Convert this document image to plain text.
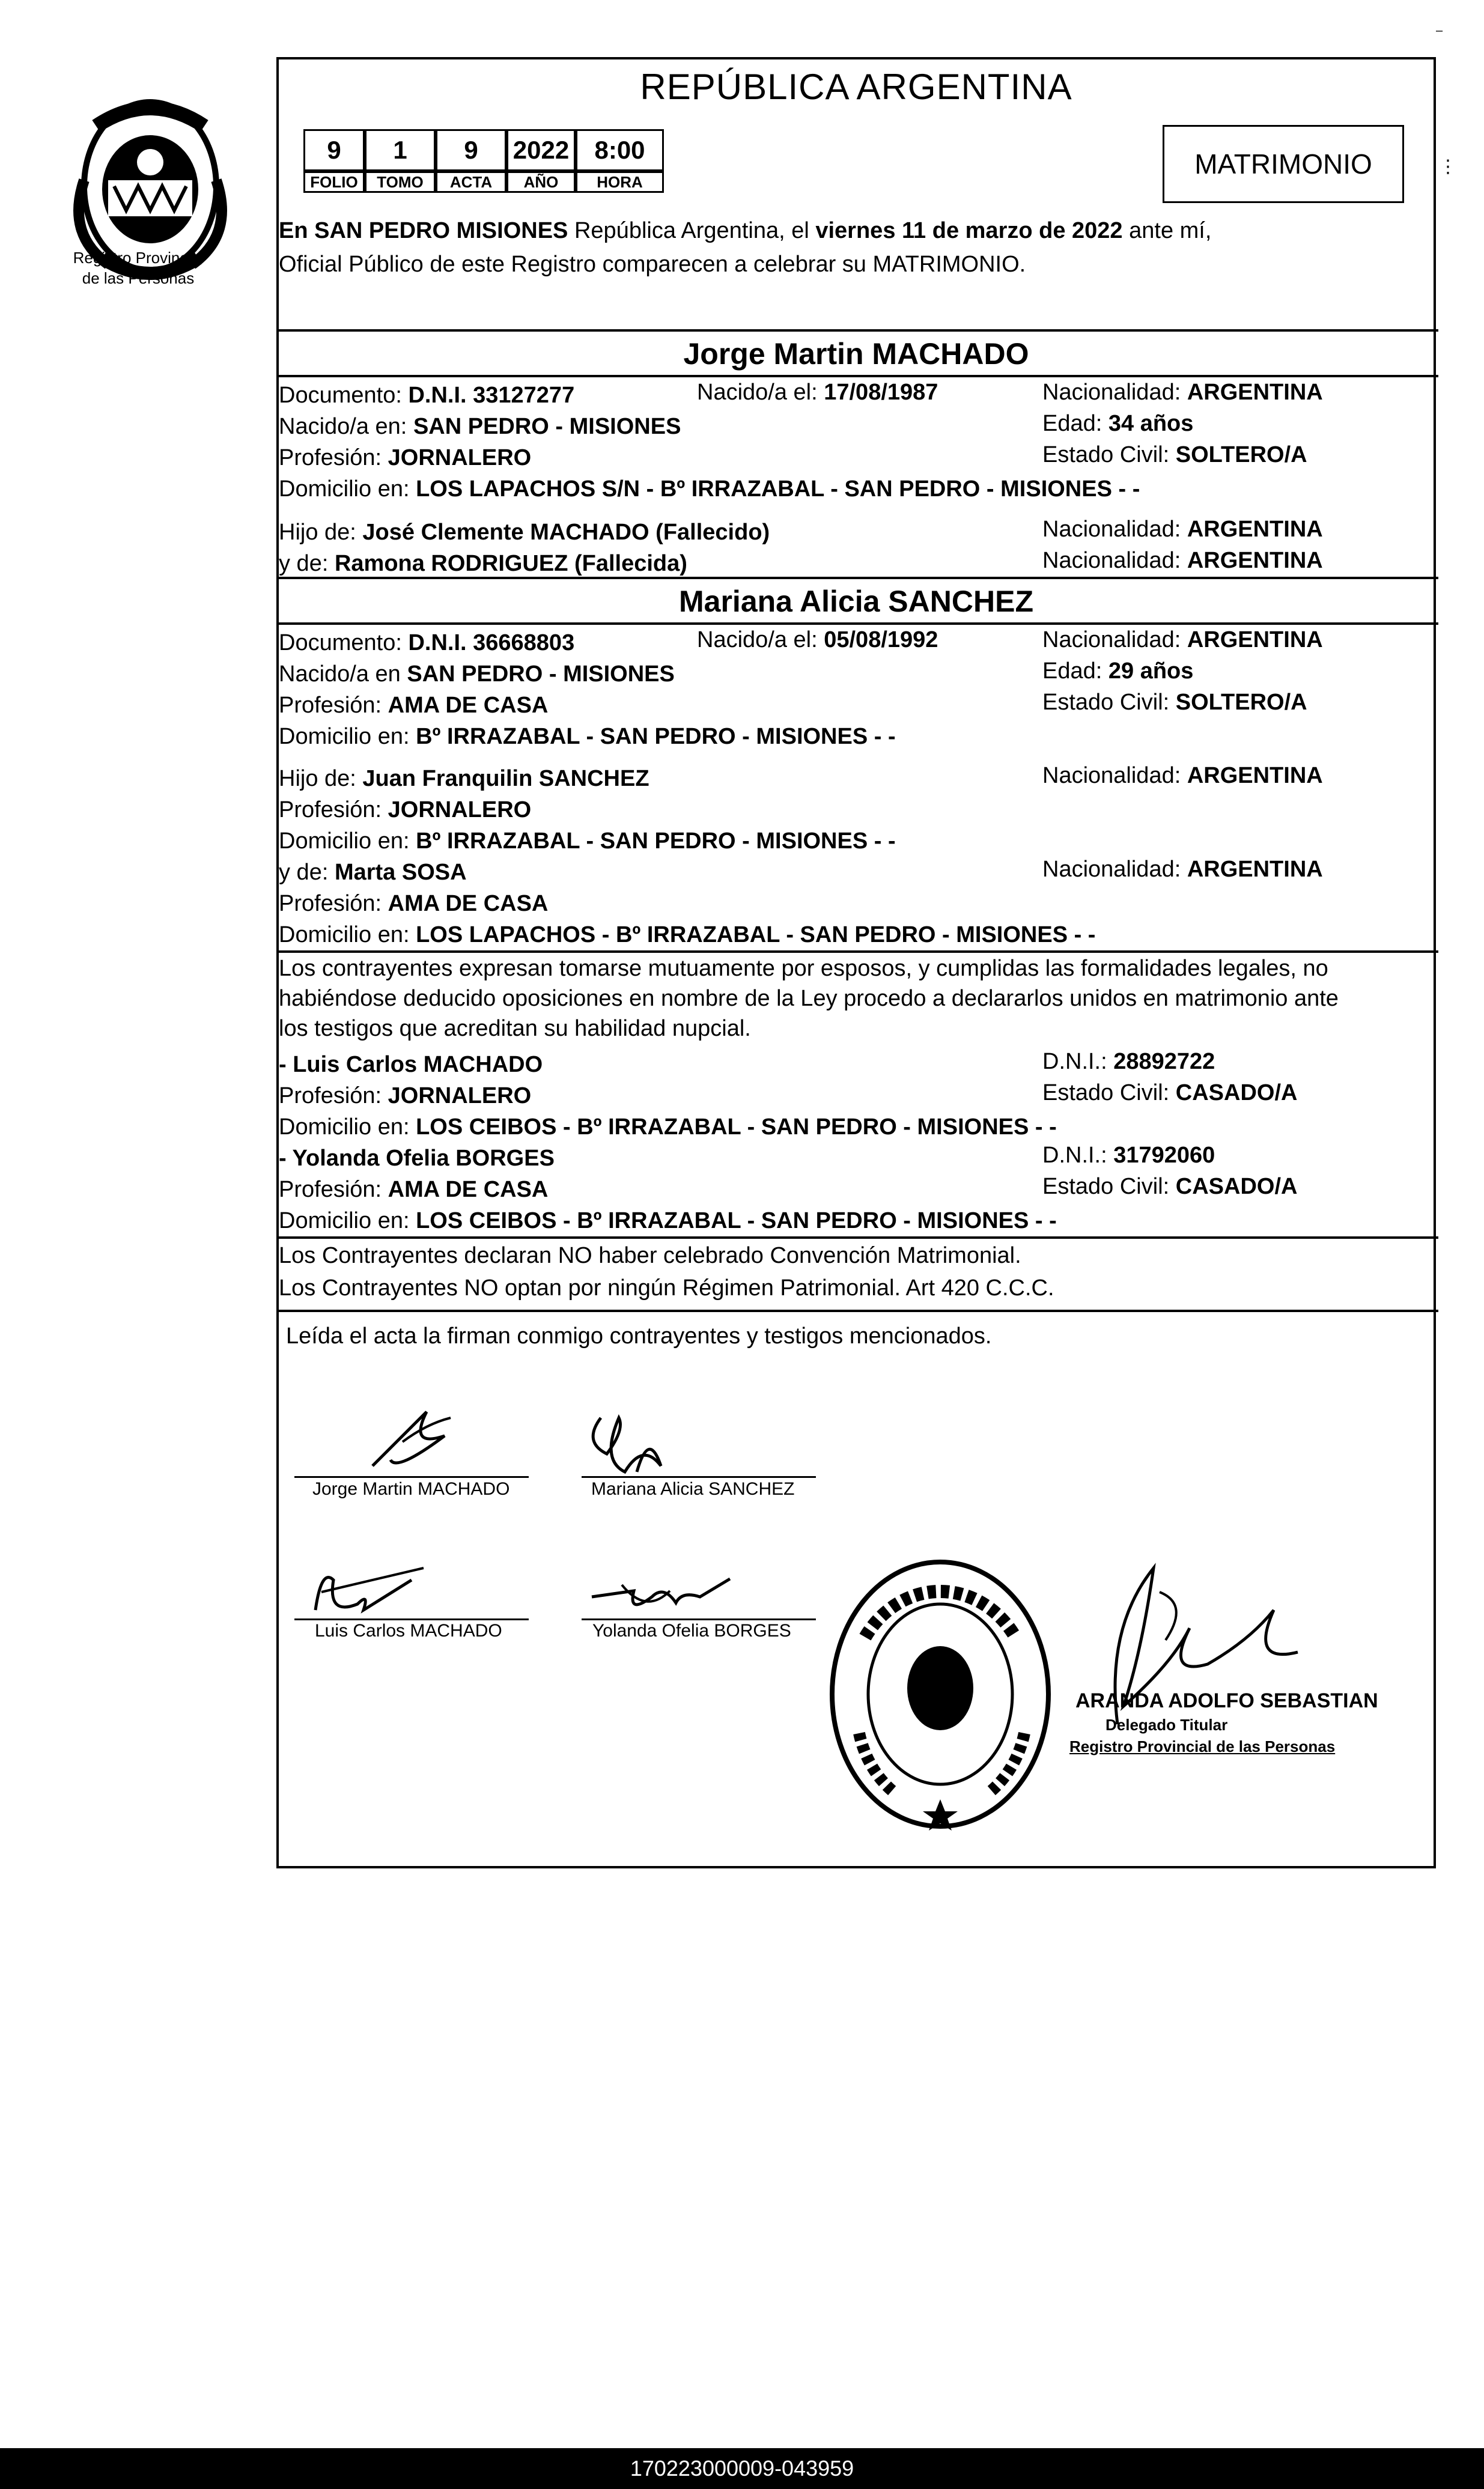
Registro Provincial
de las Personas
REPÚBLICA ARGENTINA
9	1	9	2022	8:00
FOLIO	TOMO	ACTA	AÑO	HORA
MATRIMONIO
En SAN PEDRO MISIONES República Argentina, el viernes 11 de marzo de 2022 ante mí,
Oficial Público de este Registro comparecen a celebrar su MATRIMONIO.
Jorge Martin MACHADO
Documento: D.N.I. 33127277	Nacido/a el: 17/08/1987	Nacionalidad: ARGENTINA
Nacido/a en: SAN PEDRO - MISIONES	Edad: 34 años
Profesión: JORNALERO	Estado Civil: SOLTERO/A
Domicilio en: LOS LAPACHOS S/N - Bº IRRAZABAL - SAN PEDRO - MISIONES - -
Hijo de: José Clemente MACHADO (Fallecido)	Nacionalidad: ARGENTINA
y de: Ramona RODRIGUEZ (Fallecida)	Nacionalidad: ARGENTINA
Mariana Alicia SANCHEZ
Documento: D.N.I. 36668803	Nacido/a el: 05/08/1992	Nacionalidad: ARGENTINA
Nacido/a en SAN PEDRO - MISIONES	Edad: 29 años
Profesión: AMA DE CASA	Estado Civil: SOLTERO/A
Domicilio en: Bº IRRAZABAL - SAN PEDRO - MISIONES - -
Hijo de: Juan Franquilin SANCHEZ	Nacionalidad: ARGENTINA
Profesión: JORNALERO
Domicilio en: Bº IRRAZABAL - SAN PEDRO - MISIONES - -
y de: Marta SOSA	Nacionalidad: ARGENTINA
Profesión: AMA DE CASA
Domicilio en: LOS LAPACHOS - Bº IRRAZABAL - SAN PEDRO - MISIONES - -
Los contrayentes expresan tomarse mutuamente por esposos, y cumplidas las formalidades legales, no
habiéndose deducido oposiciones en nombre de la Ley procedo a declararlos unidos en matrimonio ante
los testigos que acreditan su habilidad nupcial.
- Luis Carlos MACHADO	D.N.I.: 28892722
Profesión: JORNALERO	Estado Civil: CASADO/A
Domicilio en: LOS CEIBOS - Bº IRRAZABAL - SAN PEDRO - MISIONES - -
- Yolanda Ofelia BORGES	D.N.I.: 31792060
Profesión: AMA DE CASA	Estado Civil: CASADO/A
Domicilio en: LOS CEIBOS - Bº IRRAZABAL - SAN PEDRO - MISIONES - -
Los Contrayentes declaran NO haber celebrado Convención Matrimonial.
Los Contrayentes NO optan por ningún Régimen Patrimonial. Art 420 C.C.C.
Leída el acta la firman conmigo contrayentes y testigos mencionados.
Jorge Martin MACHADO	Mariana Alicia SANCHEZ
Luis Carlos MACHADO	Yolanda Ofelia BORGES
ARANDA ADOLFO SEBASTIAN
Delegado Titular
Registro Provincial de las Personas
–
⋮
170223000009-043959
